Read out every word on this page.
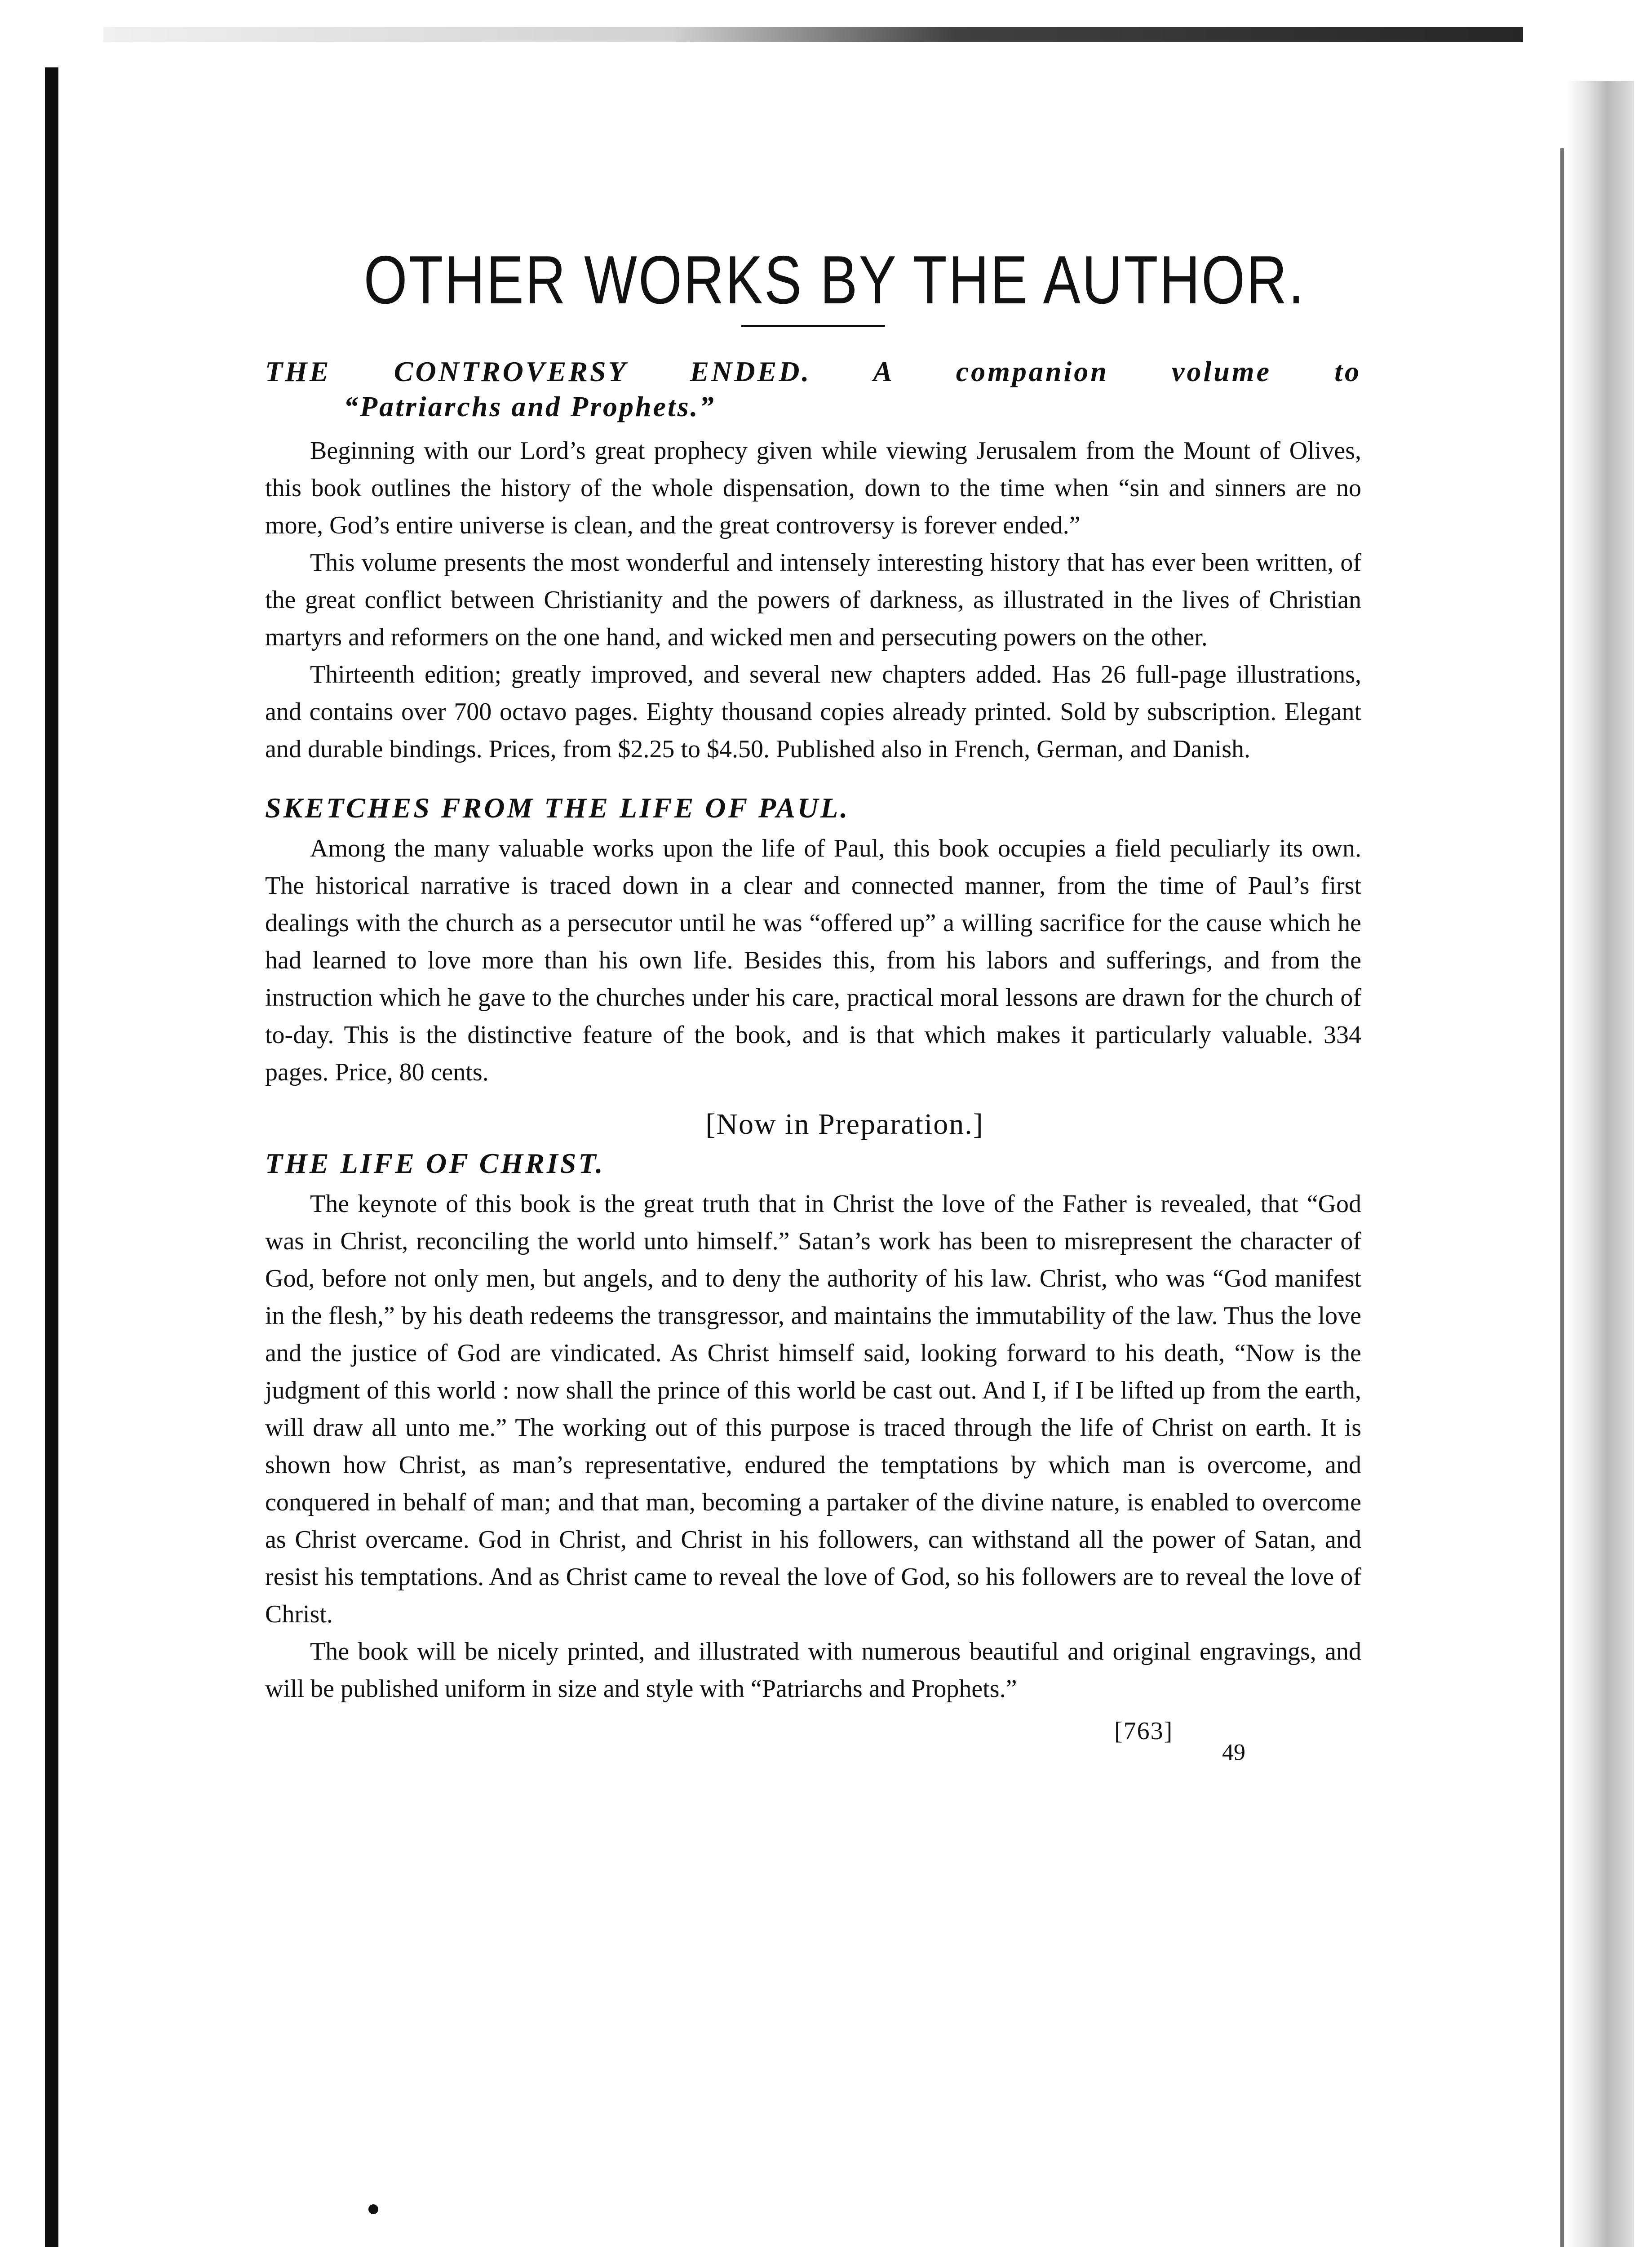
OTHER WORKS BY THE AUTHOR.
THE CONTROVERSY ENDED. A companion volume to
“Patriarchs and Prophets.”

Beginning with our Lord’s great prophecy given while viewing Jerusalem from the Mount of Olives, this book outlines the history of the whole dispensation, down to the time when “sin and sinners are no more, God’s entire universe is clean, and the great controversy is forever ended.”

This volume presents the most wonderful and intensely interesting history that has ever been written, of the great conflict between Christianity and the powers of darkness, as illustrated in the lives of Christian martyrs and reformers on the one hand, and wicked men and persecuting powers on the other.

Thirteenth edition; greatly improved, and several new chapters added. Has 26 full-page illustrations, and contains over 700 octavo pages. Eighty thousand copies already printed. Sold by subscription. Elegant and durable bindings. Prices, from $2.25 to $4.50. Published also in French, German, and Danish.

SKETCHES FROM THE LIFE OF PAUL.

Among the many valuable works upon the life of Paul, this book occupies a field peculiarly its own. The historical narrative is traced down in a clear and connected manner, from the time of Paul’s first dealings with the church as a persecutor until he was “offered up” a willing sacrifice for the cause which he had learned to love more than his own life. Besides this, from his labors and sufferings, and from the instruction which he gave to the churches under his care, practical moral lessons are drawn for the church of to-day. This is the distinctive feature of the book, and is that which makes it particularly valuable. 334 pages. Price, 80 cents.

[Now in Preparation.]
THE LIFE OF CHRIST.

The keynote of this book is the great truth that in Christ the love of the Father is revealed, that “God was in Christ, reconciling the world unto himself.” Satan’s work has been to misrepresent the character of God, before not only men, but angels, and to deny the authority of his law. Christ, who was “God manifest in the flesh,” by his death redeems the transgressor, and maintains the immutability of the law. Thus the love and the justice of God are vindicated. As Christ himself said, looking forward to his death, “Now is the judgment of this world : now shall the prince of this world be cast out. And I, if I be lifted up from the earth, will draw all unto me.” The working out of this purpose is traced through the life of Christ on earth. It is shown how Christ, as man’s representative, endured the temptations by which man is overcome, and conquered in behalf of man; and that man, becoming a partaker of the divine nature, is enabled to overcome as Christ overcame. God in Christ, and Christ in his followers, can withstand all the power of Satan, and resist his temptations. And as Christ came to reveal the love of God, so his followers are to reveal the love of Christ.

The book will be nicely printed, and illustrated with numerous beautiful and original engravings, and will be published uniform in size and style with “Patriarchs and Prophets.”

[763]
49
